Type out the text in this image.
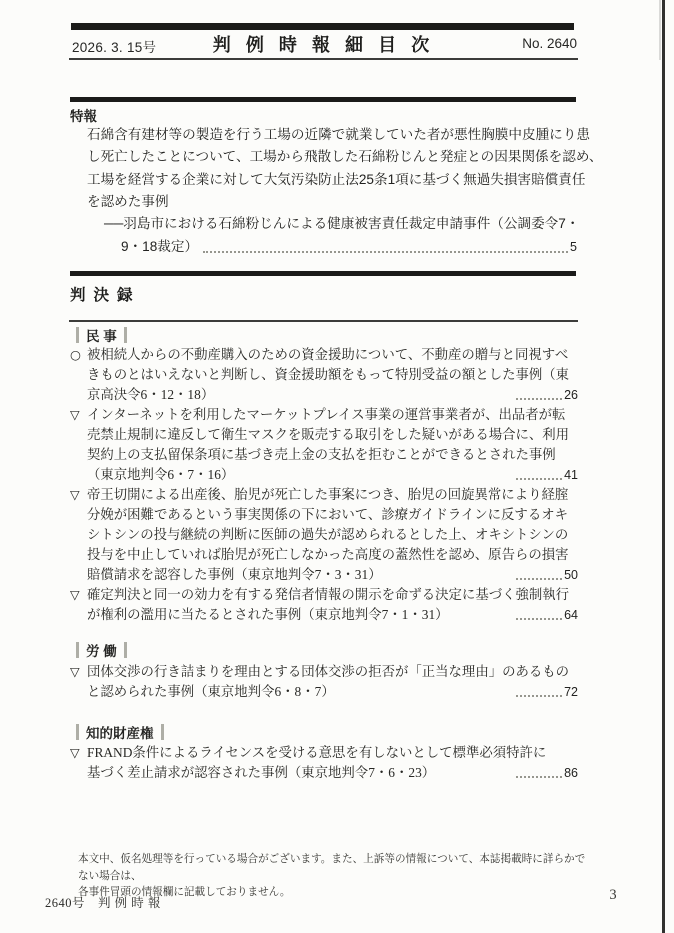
2026. 3. 15号	判 例 時 報 細 目 次	No. 2640
特報
石綿含有建材等の製造を行う工場の近隣で就業していた者が悪性胸膜中皮腫にり患
し死亡したことについて、工場から飛散した石綿粉じんと発症との因果関係を認め、
工場を経営する企業に対して大気汚染防止法25条1項に基づく無過失損害賠償責任
を認めた事例
──羽島市における石綿粉じんによる健康被害責任裁定申請事件（公調委令7・
9・18裁定）	5
判 決 録
民 事
○ 被相続人からの不動産購入のための資金援助について、不動産の贈与と同視すべ
きものとはいえないと判断し、資金援助額をもって特別受益の額とした事例（東
京高決令6・12・18）	26
▽ インターネットを利用したマーケットプレイス事業の運営事業者が、出品者が転
売禁止規制に違反して衛生マスクを販売する取引をした疑いがある場合に、利用
契約上の支払留保条項に基づき売上金の支払を拒むことができるとされた事例
（東京地判令6・7・16）	41
▽ 帝王切開による出産後、胎児が死亡した事案につき、胎児の回旋異常により経腟
分娩が困難であるという事実関係の下において、診療ガイドラインに反するオキ
シトシンの投与継続の判断に医師の過失が認められるとした上、オキシトシンの
投与を中止していれば胎児が死亡しなかった高度の蓋然性を認め、原告らの損害
賠償請求を認容した事例（東京地判令7・3・31）	50
▽ 確定判決と同一の効力を有する発信者情報の開示を命ずる決定に基づく強制執行
が権利の濫用に当たるとされた事例（東京地判令7・1・31）	64
労 働
▽ 団体交渉の行き詰まりを理由とする団体交渉の拒否が「正当な理由」のあるもの
と認められた事例（東京地判令6・8・7）	72
知的財産権
▽ FRAND条件によるライセンスを受ける意思を有しないとして標準必須特許に
基づく差止請求が認容された事例（東京地判令7・6・23）	86
本文中、仮名処理等を行っている場合がございます。また、上訴等の情報について、本誌掲載時に詳らかでない場合は、
各事件冒頭の情報欄に記載しておりません。
2640号　判 例 時 報	3
